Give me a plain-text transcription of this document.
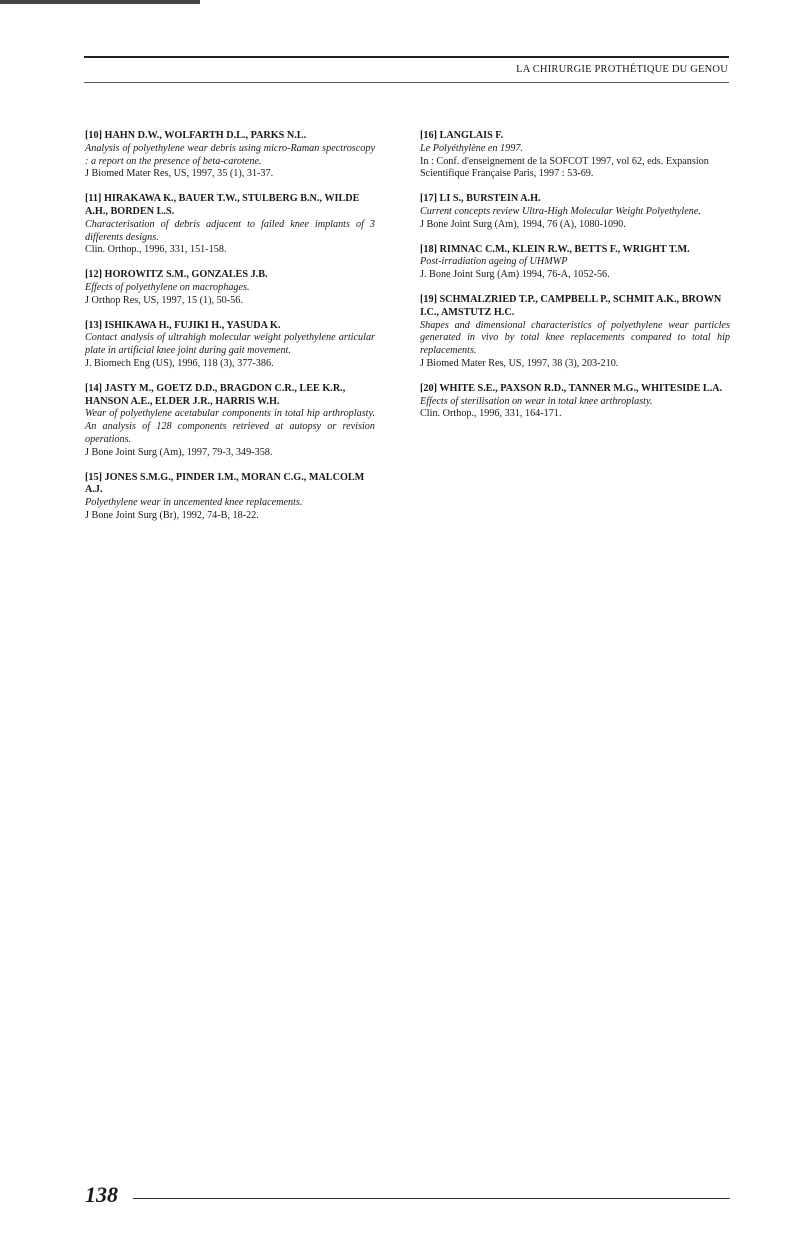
LA CHIRURGIE PROTHÉTIQUE DU GENOU
[10] HAHN D.W., WOLFARTH D.L., PARKS N.L.
Analysis of polyethylene wear debris using micro-Raman spectroscopy : a report on the presence of beta-carotene.
J Biomed Mater Res, US, 1997, 35 (1), 31-37.
[11] HIRAKAWA K., BAUER T.W., STULBERG B.N., WILDE A.H., BORDEN L.S.
Characterisation of debris adjacent to failed knee implants of 3 differents designs.
Clin. Orthop., 1996, 331, 151-158.
[12] HOROWITZ S.M., GONZALES J.B.
Effects of polyethylene on macrophages.
J Orthop Res, US, 1997, 15 (1), 50-56.
[13] ISHIKAWA H., FUJIKI H., YASUDA K.
Contact analysis of ultrahigh molecular weight polyethylene articular plate in artificial knee joint during gait movement.
J. Biomech Eng (US), 1996, 118 (3), 377-386.
[14] JASTY M., GOETZ D.D., BRAGDON C.R., LEE K.R., HANSON A.E., ELDER J.R., HARRIS W.H.
Wear of polyethylene acetabular components in total hip arthroplasty. An analysis of 128 components retrieved at autopsy or revision operations.
J Bone Joint Surg (Am), 1997, 79-3, 349-358.
[15] JONES S.M.G., PINDER I.M., MORAN C.G., MALCOLM A.J.
Polyethylene wear in uncemented knee replacements.
J Bone Joint Surg (Br), 1992, 74-B, 18-22.
[16] LANGLAIS F.
Le Polyéthylène en 1997.
In : Conf. d'enseignement de la SOFCOT 1997, vol 62, eds. Expansion Scientifique Française Paris, 1997 : 53-69.
[17] LI S., BURSTEIN A.H.
Current concepts review Ultra-High Molecular Weight Polyethylene.
J Bone Joint Surg (Am), 1994, 76 (A), 1080-1090.
[18] RIMNAC C.M., KLEIN R.W., BETTS F., WRIGHT T.M.
Post-irradiation ageing of UHMWP
J. Bone Joint Surg (Am) 1994, 76-A, 1052-56.
[19] SCHMALZRIED T.P., CAMPBELL P., SCHMIT A.K., BROWN I.C., AMSTUTZ H.C.
Shapes and dimensional characteristics of polyethylene wear particles generated in vivo by total knee replacements compared to total hip replacements.
J Biomed Mater Res, US, 1997, 38 (3), 203-210.
[20] WHITE S.E., PAXSON R.D., TANNER M.G., WHITESIDE L.A.
Effects of sterilisation on wear in total knee arthroplasty.
Clin. Orthop., 1996, 331, 164-171.
138
